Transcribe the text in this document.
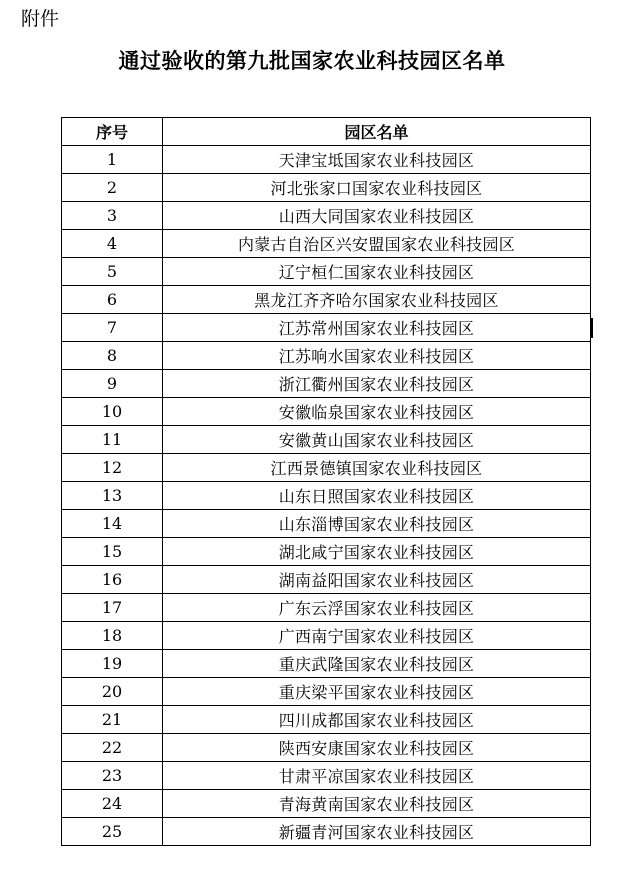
附件
通过验收的第九批国家农业科技园区名单
序号	园区名单
1	天津宝坻国家农业科技园区
2	河北张家口国家农业科技园区
3	山西大同国家农业科技园区
4	内蒙古自治区兴安盟国家农业科技园区
5	辽宁桓仁国家农业科技园区
6	黑龙江齐齐哈尔国家农业科技园区
7	江苏常州国家农业科技园区
8	江苏响水国家农业科技园区
9	浙江衢州国家农业科技园区
10	安徽临泉国家农业科技园区
11	安徽黄山国家农业科技园区
12	江西景德镇国家农业科技园区
13	山东日照国家农业科技园区
14	山东淄博国家农业科技园区
15	湖北咸宁国家农业科技园区
16	湖南益阳国家农业科技园区
17	广东云浮国家农业科技园区
18	广西南宁国家农业科技园区
19	重庆武隆国家农业科技园区
20	重庆梁平国家农业科技园区
21	四川成都国家农业科技园区
22	陕西安康国家农业科技园区
23	甘肃平凉国家农业科技园区
24	青海黄南国家农业科技园区
25	新疆青河国家农业科技园区
